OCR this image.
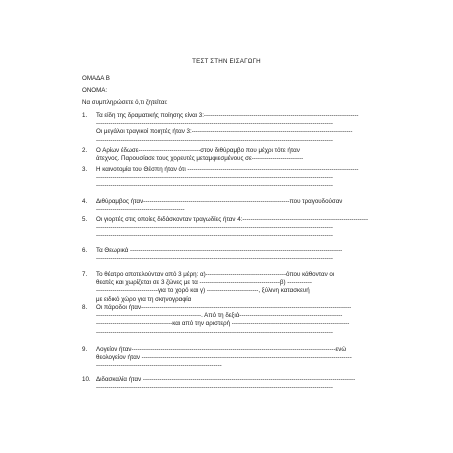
ΤΕΣΤ ΣΤΗΝ ΕΙΣΑΓΩΓΗ
ΟΜΑΔΑ Β
ΟΝΟΜΑ:
Να συμπληρώσετε ό,τι ζητείται:
1.	Τα είδη της δραματικής ποίησης είναι 3:---------------------------------------------------------------------------
-------------------------------------------------------------------------------------------------------------------
Οι μεγάλοι τραγικοί ποιητές ήταν 3:------------------------------------------------------------------------------
-------------------------------------------------------------------------------------------------------------------
2.	Ο Αρίων έδωσε------------------------------στον διθύραμβο που μέχρι τότε ήταν
άτεχνος. Παρουσίασε τους χορευτές μεταμφιεσμένους σε-------------------------
3.	Η καινοτομία του Θέσπη ήταν ότι -----------------------------------------------------------------------------------
-------------------------------------------------------------------------------------------------------------------
-------------------------------------------------------------------------------------------------------------------
4.	Διθύραμβος ήταν-----------------------------------------------------------------------που τραγουδούσαν
-------------------------------------------
5.	Οι γιορτές στις οποίες διδάσκονταν τραγωδίες ήταν 4:-------------------------------------------------------------
-------------------------------------------------------------------------------------------------------------------
-------------------------------------------------------------------------------------------------------------------
6.	Τα Θεωρικά -------------------------------------------------------------------------------------------------------
-------------------------------------------------------------------------------------------------------------------
7.	Το θέατρο αποτελούνταν από 3 μέρη: α)---------------------------------------όπου κάθονταν οι
θεατές και χωρίζεται σε 3 ζώνες με τα ---------------------------------------β) ------------
------------------------------για το χορό και γ) -------------------------, ξύλινη κατασκευή
με ειδικό χώρο για τη σκηνογραφία
8.	Οι πάροδοι ήταν------------------------------------------------------------------------------------------------------
---------------------------------------------------. Από τη δεξιά--------------------------------------------------
-------------------------------------και από την αριστερή ---------------------------------------------------------
-------------------------------------------------------------------------------------------------------------------
9.	Λογείον ήταν---------------------------------------------------------------------------------------------------ενώ
θεολογείον ήταν ------------------------------------------------------------------------------------------------------
-------------------------------------------------------------
10. Διδασκαλία ήταν -------------------------------------------------------------------------------------------------------
-------------------------------------------------------------------------------------------------------------------
